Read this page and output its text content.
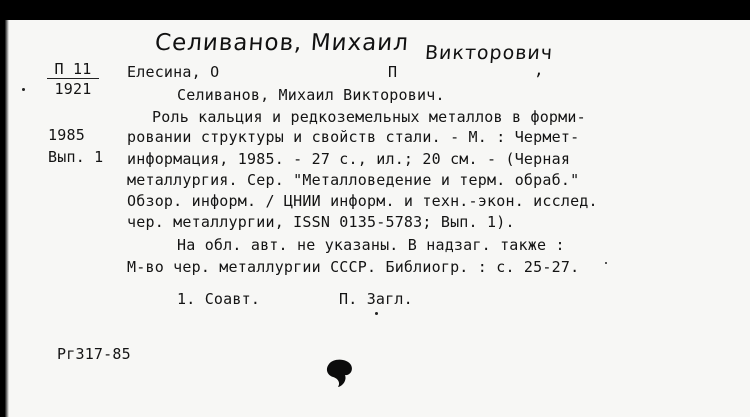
Селиванов, Михаил Викторович
,
П 11
1921
Елесина, О	П
1985
Вып. 1
Селиванов, Михаил Викторович.
Роль кальция и редкоземельных металлов в форми-
ровании структуры и свойств стали. - М. : Чермет-
информация, 1985. - 27 с., ил.; 20 см. - (Черная
металлургия. Сер. "Металловедение и терм. обраб."
Обзор. информ. / ЦНИИ информ. и техн.-экон. исслед.
чер. металлургии, ISSN 0135-5783; Вып. 1).
На обл. авт. не указаны. В надзаг. также :
М-во чер. металлургии СССР. Библиогр. : с. 25-27.
1. Соавт.	П. Загл.
Рг317-85
